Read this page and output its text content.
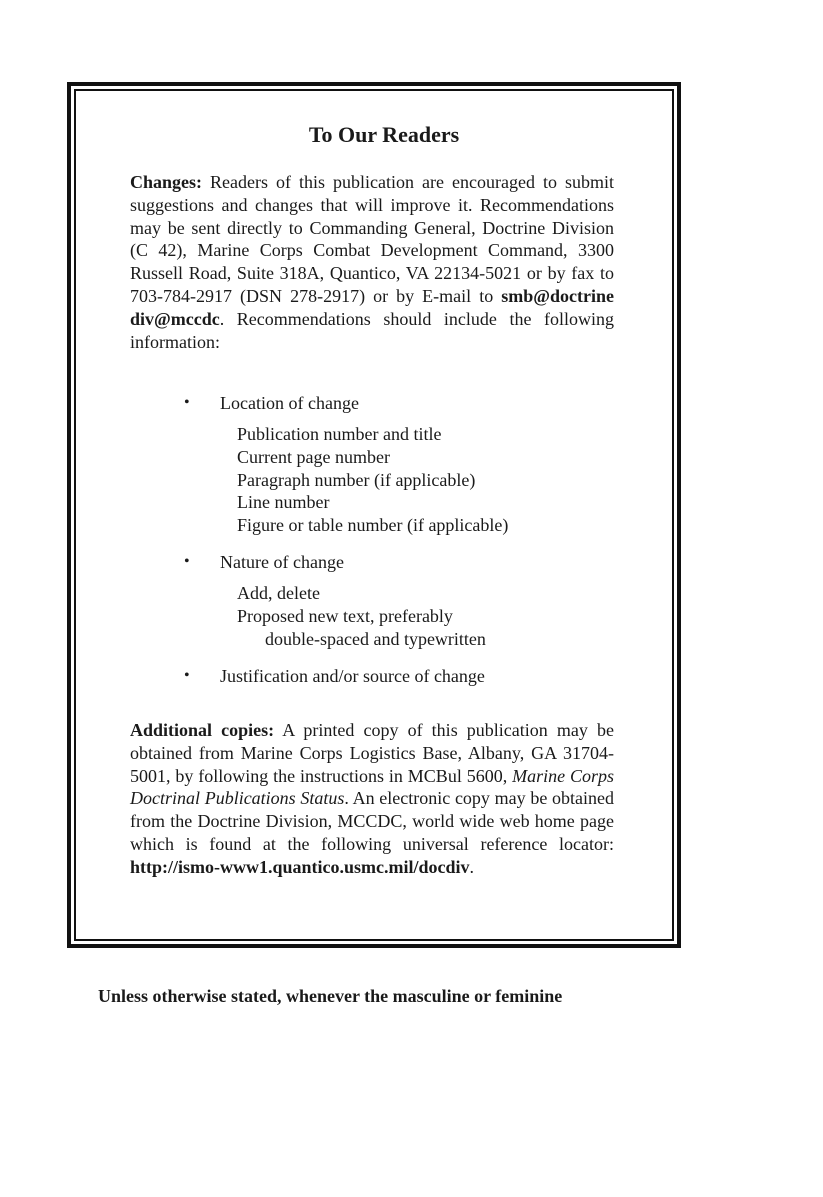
To Our Readers

Changes: Readers of this publication are encouraged to submit suggestions and changes that will improve it. Recommendations may be sent directly to Commanding General, Doctrine Division (C 42), Marine Corps Combat Development Command, 3300 Russell Road, Suite 318A, Quantico, VA 22134-5021 or by fax to 703-784-2917 (DSN 278-2917) or by E-mail to smb@doctrine div@mccdc. Recommendations should include the following information:

• Location of change
Publication number and title
Current page number
Paragraph number (if applicable)
Line number
Figure or table number (if applicable)
• Nature of change
Add, delete
Proposed new text, preferably
double-spaced and typewritten
• Justification and/or source of change

Additional copies: A printed copy of this publication may be obtained from Marine Corps Logistics Base, Albany, GA 31704-5001, by following the instructions in MCBul 5600, Marine Corps Doctrinal Publications Status. An electronic copy may be obtained from the Doctrine Division, MCCDC, world wide web home page which is found at the following universal reference locator: http://ismo-www1.quantico.usmc.mil/docdiv.

Unless otherwise stated, whenever the masculine or feminine
